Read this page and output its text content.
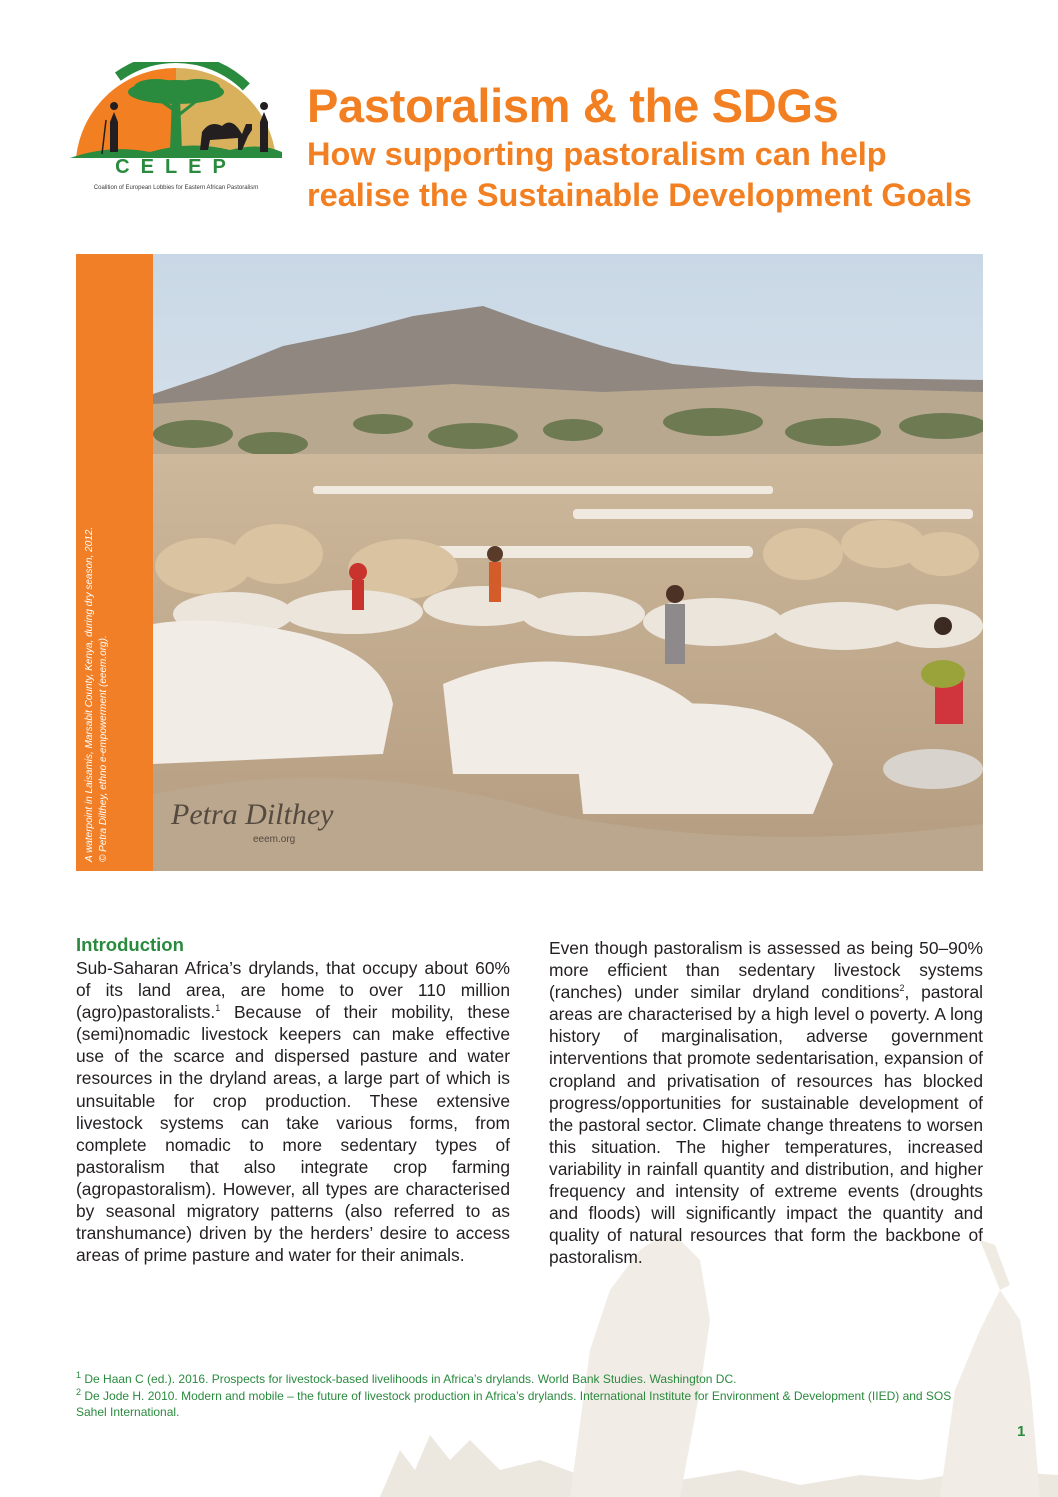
CELEP
Coalition of European Lobbies for Eastern African Pastoralism
Pastoralism & the SDGs
How supporting pastoralism can help
realise the Sustainable Development Goals
A waterpoint in Laisamis, Marsabit County, Kenya, during dry season, 2012. © Petra Dilthey, ethno e-empowerment (eeem.org). Petra Dilthey
eeem.org
Introduction

Sub-Saharan Africa’s drylands, that occupy about 60% of its land area, are home to over 110 million (agro)pastoralists.$^1$ Because of their mobility, these (semi)nomadic livestock keepers can make effective use of the scarce and dispersed pasture and water resources in the dryland areas, a large part of which is unsuitable for crop production. These extensive livestock systems can take various forms, from complete nomadic to more sedentary types of pastoralism that also integrate crop farming (agropastoralism). However, all types are characterised by seasonal migratory patterns (also referred to as transhumance) driven by the herders’ desire to access areas of prime pasture and water for their animals.

Even though pastoralism is assessed as being 50–90% more efficient than sedentary livestock systems (ranches) under similar dryland conditions$^2$, pastoral areas are characterised by a high level o poverty. A long history of marginalisation, adverse government interventions that promote sedentarisation, expansion of cropland and privatisation of resources has blocked progress/opportunities for sustainable development of the pastoral sector. Climate change threatens to worsen this situation. The higher temperatures, increased variability in rainfall quantity and distribution, and higher frequency and intensity of extreme events (droughts and floods) will significantly impact the quantity and quality of natural resources that form the backbone of pastoralism.

$^1$ De Haan C (ed.). 2016. Prospects for livestock-based livelihoods in Africa’s drylands. World Bank Studies. Washington DC.
$^2$ De Jode H. 2010. Modern and mobile – the future of livestock production in Africa’s drylands. International Institute for Environment & Development (IIED) and SOS Sahel International.
1
